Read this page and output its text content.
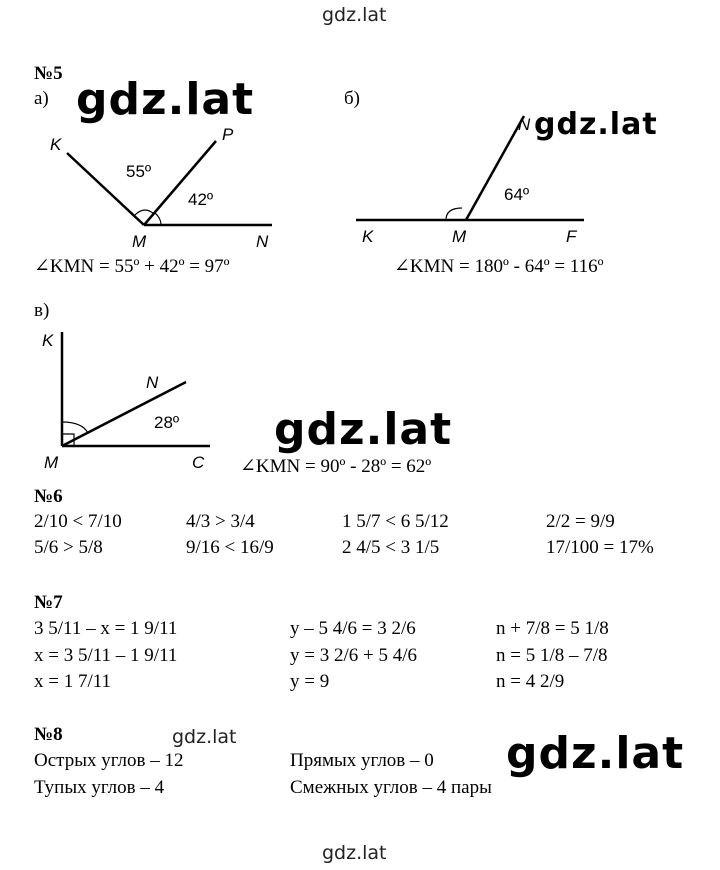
gdz.lat
№5
а) gdz.lat
K
P
M	N
55º
42º
∠KMN = 55º + 42º = 97º
б)
N
K	M	F
64º
gdz.lat
∠KMN = 180º - 64º = 116º
в)
K
N
M	C
28º gdz.lat
∠KMN = 90º - 28º = 62º
№6
2/10 < 7/10	4/3 > 3/4	1 5/7 < 6 5/12	2/2 = 9/9
5/6 > 5/8	9/16 < 16/9	2 4/5 < 3 1/5	17/100 = 17%
№7
3 5/11 – x = 1 9/11	y – 5 4/6 = 3 2/6	n + 7/8 = 5 1/8
x = 3 5/11 – 1 9/11	y = 3 2/6 + 5 4/6	n = 5 1/8 – 7/8
x = 1 7/11	y = 9	n = 4 2/9
№8	gdz.lat
Острых углов – 12	Прямых углов – 0
Тупых углов – 4	Смежных углов – 4 пары
gdz.lat
gdz.lat
